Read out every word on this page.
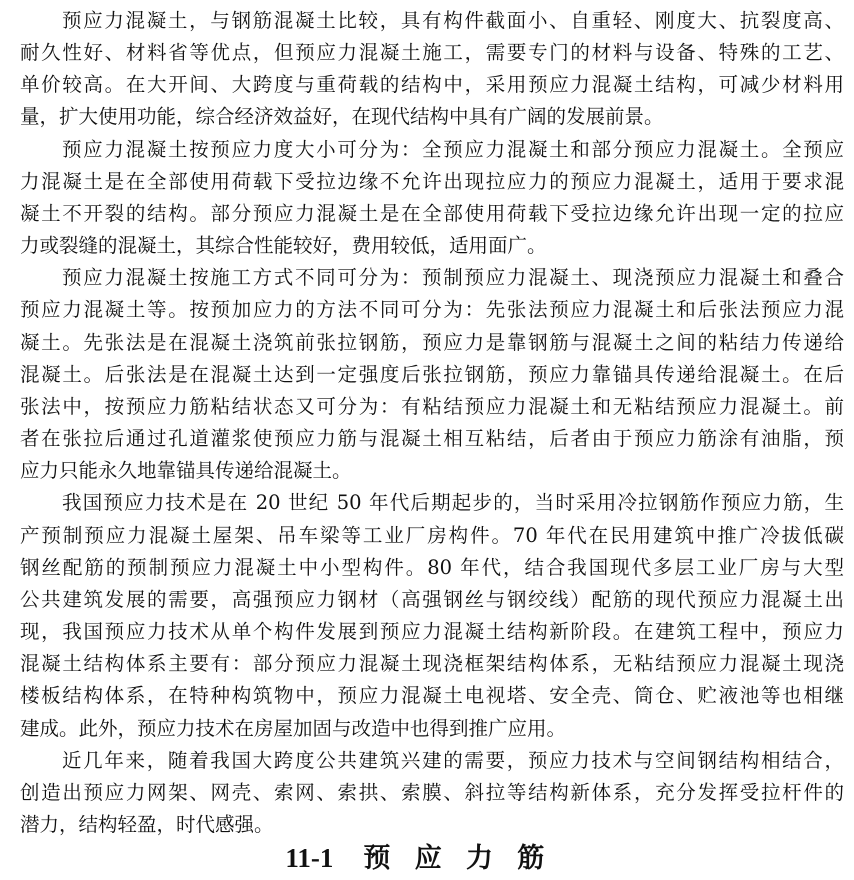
预应力混凝土，与钢筋混凝土比较，具有构件截面小、自重轻、刚度大、抗裂度高、
耐久性好、材料省等优点，但预应力混凝土施工，需要专门的材料与设备、特殊的工艺、
单价较高。在大开间、大跨度与重荷载的结构中，采用预应力混凝土结构，可减少材料用
量，扩大使用功能，综合经济效益好，在现代结构中具有广阔的发展前景。
预应力混凝土按预应力度大小可分为：全预应力混凝土和部分预应力混凝土。全预应
力混凝土是在全部使用荷载下受拉边缘不允许出现拉应力的预应力混凝土，适用于要求混
凝土不开裂的结构。部分预应力混凝土是在全部使用荷载下受拉边缘允许出现一定的拉应
力或裂缝的混凝土，其综合性能较好，费用较低，适用面广。
预应力混凝土按施工方式不同可分为：预制预应力混凝土、现浇预应力混凝土和叠合
预应力混凝土等。按预加应力的方法不同可分为：先张法预应力混凝土和后张法预应力混
凝土。先张法是在混凝土浇筑前张拉钢筋，预应力是靠钢筋与混凝土之间的粘结力传递给
混凝土。后张法是在混凝土达到一定强度后张拉钢筋，预应力靠锚具传递给混凝土。在后
张法中，按预应力筋粘结状态又可分为：有粘结预应力混凝土和无粘结预应力混凝土。前
者在张拉后通过孔道灌浆使预应力筋与混凝土相互粘结，后者由于预应力筋涂有油脂，预
应力只能永久地靠锚具传递给混凝土。
我国预应力技术是在 20 世纪 50 年代后期起步的，当时采用冷拉钢筋作预应力筋，生
产预制预应力混凝土屋架、吊车梁等工业厂房构件。70 年代在民用建筑中推广冷拔低碳
钢丝配筋的预制预应力混凝土中小型构件。80 年代，结合我国现代多层工业厂房与大型
公共建筑发展的需要，高强预应力钢材（高强钢丝与钢绞线）配筋的现代预应力混凝土出
现，我国预应力技术从单个构件发展到预应力混凝土结构新阶段。在建筑工程中，预应力
混凝土结构体系主要有：部分预应力混凝土现浇框架结构体系，无粘结预应力混凝土现浇
楼板结构体系，在特种构筑物中，预应力混凝土电视塔、安全壳、筒仓、贮液池等也相继
建成。此外，预应力技术在房屋加固与改造中也得到推广应用。
近几年来，随着我国大跨度公共建筑兴建的需要，预应力技术与空间钢结构相结合，
创造出预应力网架、网壳、索网、索拱、索膜、斜拉等结构新体系，充分发挥受拉杆件的
潜力，结构轻盈，时代感强。
11-1 预应力筋
